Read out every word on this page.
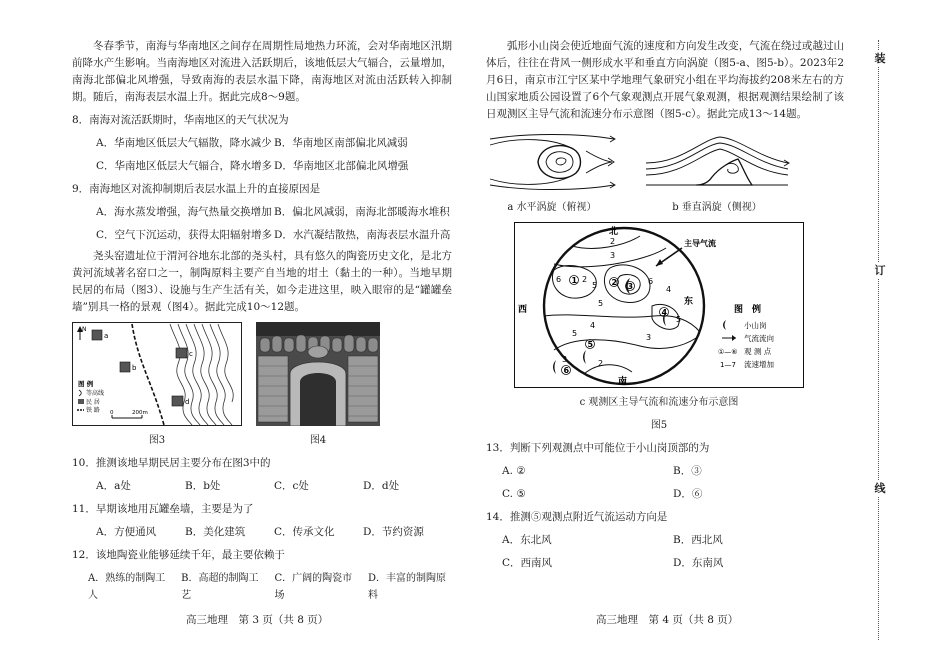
冬春季节，南海与华南地区之间存在周期性局地热力环流，会对华南地区汛期前降水产生影响。当南海地区对流进入活跃期后，该地低层大气辐合，云量增加，南海北部偏北风增强，导致南海的表层水温下降，南海地区对流由活跃转入抑制期。随后，南海表层水温上升。据此完成8～9题。

8．南海对流活跃期时，华南地区的天气状况为

A．华南地区低层大气辐散，降水减少 B．华南地区南部偏北风减弱
C．华南地区低层大气辐合，降水增多 D．华南地区北部偏北风增强

9．南海地区对流抑制期后表层水温上升的直接原因是

A．海水蒸发增强，海气热量交换增加 B．偏北风减弱，南海北部暖海水堆积
C．空气下沉运动，获得太阳辐射增多 D．水汽凝结散热，南海表层水温升高

尧头窑遗址位于渭河谷地东北部的尧头村，具有悠久的陶瓷历史文化，是北方黄河流域著名窑口之一，制陶原料主要产自当地的坩土（黏土的一种）。当地早期民居的布局（图3）、设施与生产生活有关，如今走进这里，映入眼帘的是“罐罐垒墙”别具一格的景观（图4）。据此完成10～12题。

N
a
b
c
d
图 例
等高线
民 居
铁 路 0	200m
图3	图4

10．推测该地早期民居主要分布在图3中的

A．a处	B．b处	C．c处	D．d处

11．早期该地用瓦罐垒墙，主要是为了

A．方便通风	B．美化建筑	C．传承文化	D．节约资源

12．该地陶瓷业能够延续千年，最主要依赖于

A．熟练的制陶工人
B．高超的制陶工艺
C．广阔的陶瓷市场
D．丰富的制陶原料
高三地理　第 3 页（共 8 页）

弧形小山岗会使近地面气流的速度和方向发生改变，气流在绕过或越过山体后，往往在背风一侧形成水平和垂直方向涡旋（图5-a、图5-b）。2023年2月6日，南京市江宁区某中学地理气象研究小组在平均海拔约208米左右的方山国家地质公园设置了6个气象观测点开展气象观测，根据观测结果绘制了该日观测区主导气流和流速分布示意图（图5-c）。据此完成13～14题。

a 水平涡旋（俯视）	b 垂直涡旋（侧视）
主导气流
北
西
东
南
2
3
6	2
5	6
5
4
4
3
3	2
5
5
1
3
2
4
5
6
图　例
小山岗
气流流向
①—⑥ 观 测 点
1—7 流速增加
c 观测区主导气流和流速分布示意图
图5

13．判断下列观测点中可能位于小山岗顶部的为

A. ②	B．③
C. ⑤	D．⑥

14．推测⑤观测点附近气流运动方向是

A．东北风	B．西北风
C．西南风	D．东南风
高三地理　第 4 页（共 8 页）
装
订
线
